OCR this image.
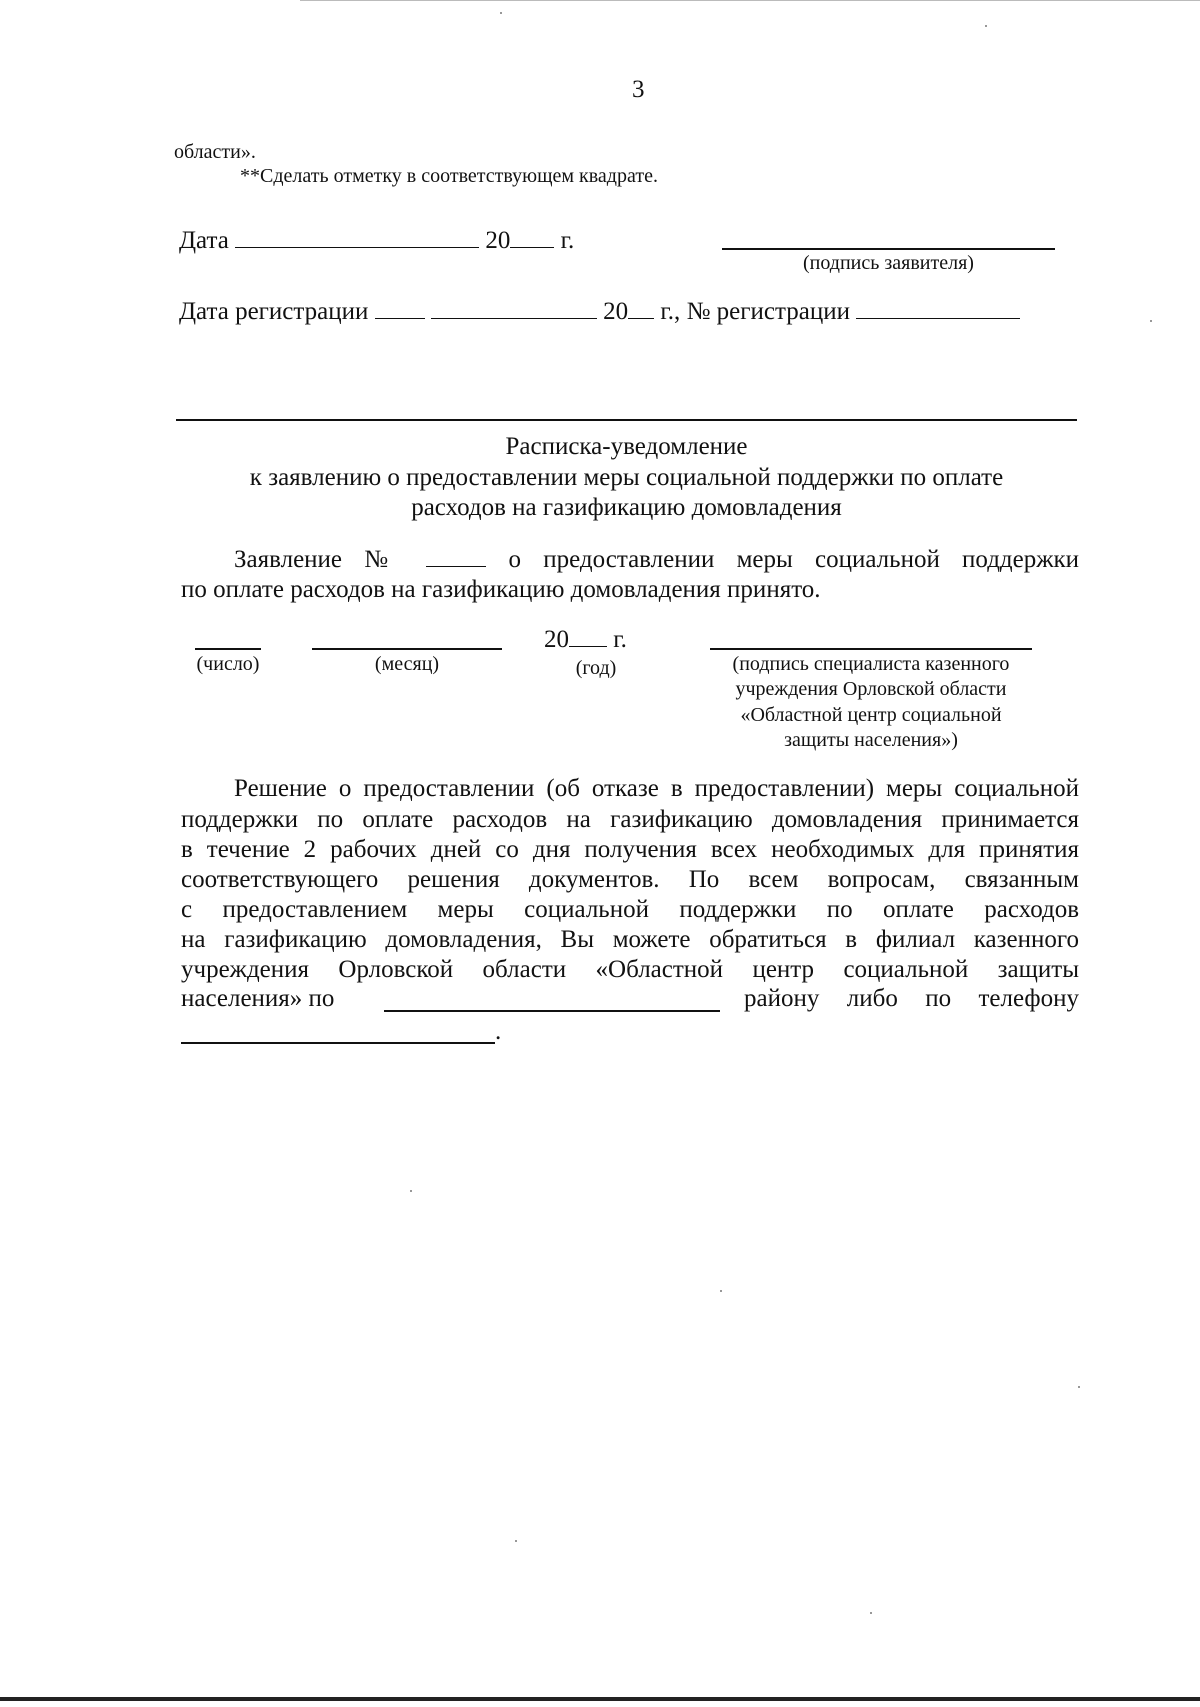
3
области».
**Сделать отметку в соответствующем квадрате.
Дата	20 г.
(подпись заявителя)
Дата регистрации	20 г., № регистрации
Расписка-уведомление
к заявлению о предоставлении меры социальной поддержки по оплате
расходов на газификацию домовладения
Заявление №	о предоставлении меры социальной поддержки
по оплате расходов на газификацию домовладения принято.
20 г.
(число)	(месяц)	(год)	(подпись специалиста казенного
учреждения Орловской области
«Областной центр социальной
защиты населения»)
Решение о предоставлении (об отказе в предоставлении) меры социальной
поддержки по оплате расходов на газификацию домовладения принимается
в течение 2 рабочих дней со дня получения всех необходимых для принятия
соответствующего решения документов. По всем вопросам, связанным
с предоставлением меры социальной поддержки по оплате расходов
на газификацию домовладения, Вы можете обратиться в филиал казенного
учреждения Орловской области «Областной центр социальной защиты
населения» по	району либо по телефону
.
